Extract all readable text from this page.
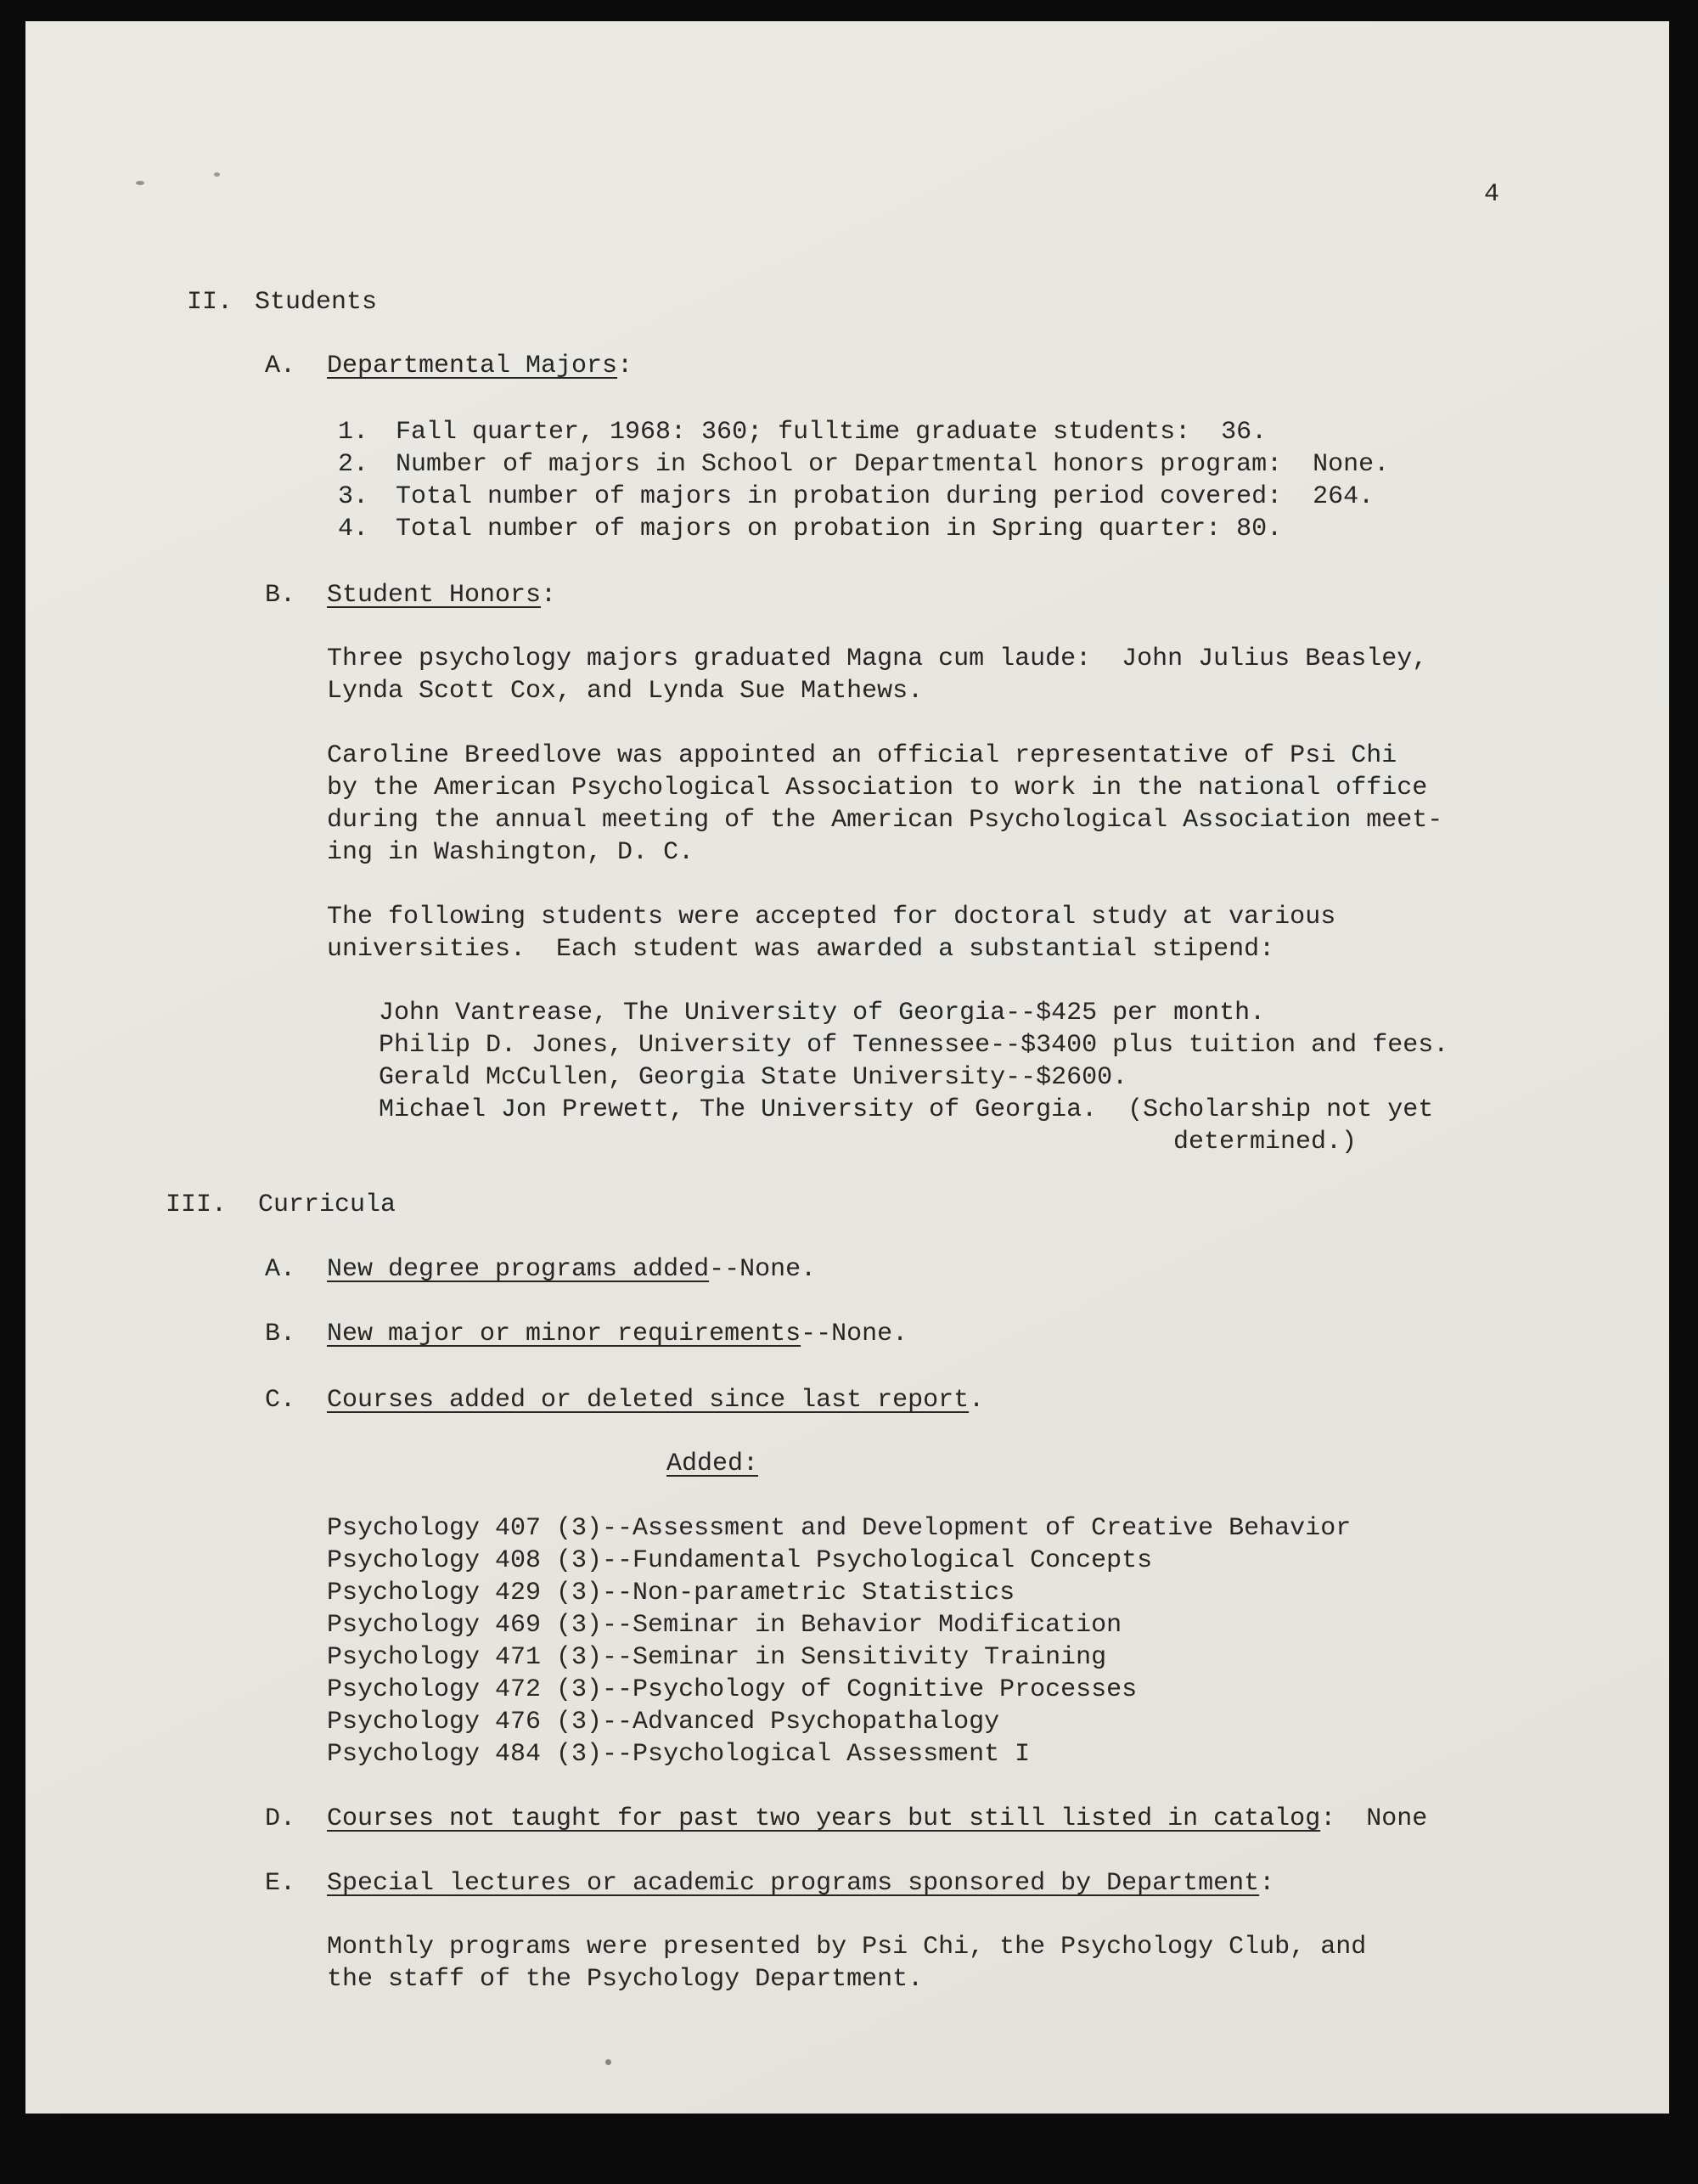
4
II. Students
A. Departmental Majors:
1. Fall quarter, 1968: 360; fulltime graduate students:  36.
2. Number of majors in School or Departmental honors program:  None.
3. Total number of majors in probation during period covered:  264.
4. Total number of majors on probation in Spring quarter: 80.
B. Student Honors:
Three psychology majors graduated Magna cum laude:  John Julius Beasley,
Lynda Scott Cox, and Lynda Sue Mathews.
Caroline Breedlove was appointed an official representative of Psi Chi
by the American Psychological Association to work in the national office
during the annual meeting of the American Psychological Association meet-
ing in Washington, D. C.
The following students were accepted for doctoral study at various
universities.  Each student was awarded a substantial stipend:
John Vantrease, The University of Georgia--$425 per month.
Philip D. Jones, University of Tennessee--$3400 plus tuition and fees.
Gerald McCullen, Georgia State University--$2600.
Michael Jon Prewett, The University of Georgia.  (Scholarship not yet
determined.)
III. Curricula
A. New degree programs added--None.
B. New major or minor requirements--None.
C. Courses added or deleted since last report.
Added:
Psychology 407 (3)--Assessment and Development of Creative Behavior
Psychology 408 (3)--Fundamental Psychological Concepts
Psychology 429 (3)--Non-parametric Statistics
Psychology 469 (3)--Seminar in Behavior Modification
Psychology 471 (3)--Seminar in Sensitivity Training
Psychology 472 (3)--Psychology of Cognitive Processes
Psychology 476 (3)--Advanced Psychopathalogy
Psychology 484 (3)--Psychological Assessment I
D. Courses not taught for past two years but still listed in catalog:  None
E. Special lectures or academic programs sponsored by Department:
Monthly programs were presented by Psi Chi, the Psychology Club, and
the staff of the Psychology Department.
